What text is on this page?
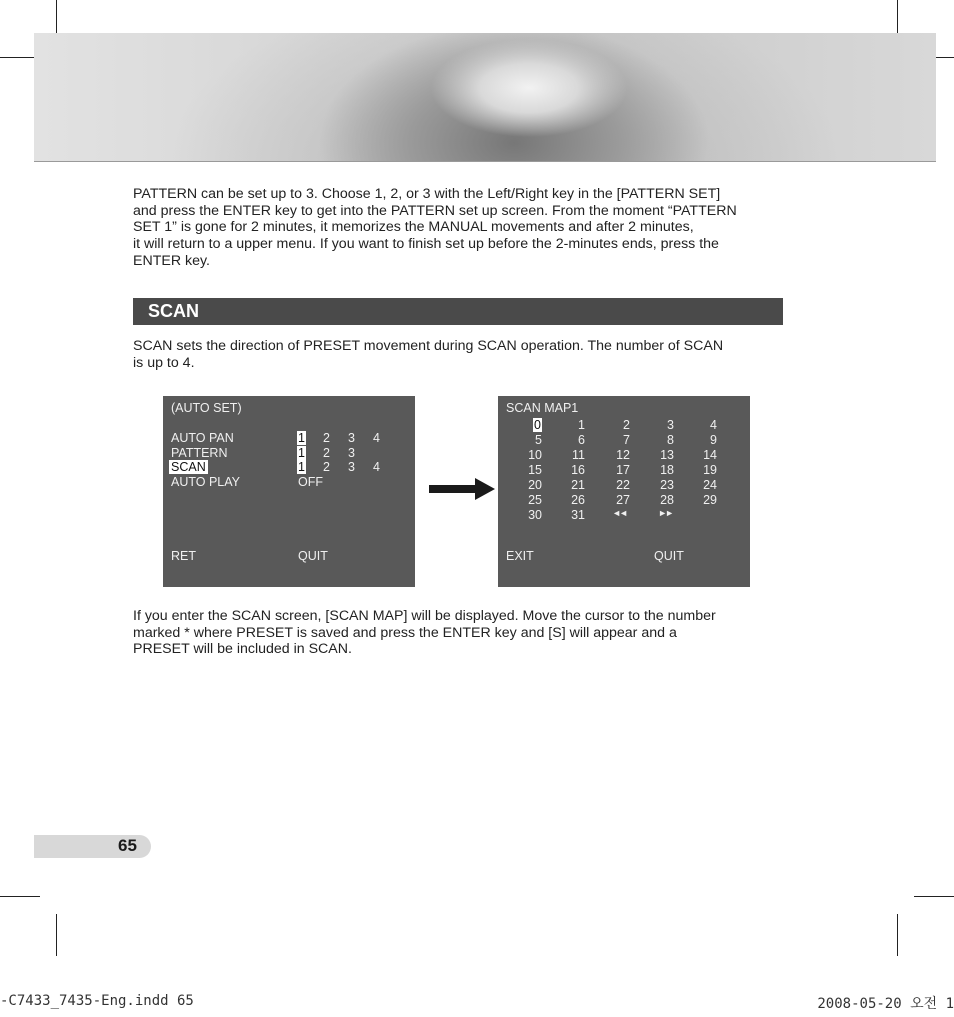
PATTERN can be set up to 3. Choose 1, 2, or 3 with the Left/Right key in the [PATTERN SET]

and press the ENTER key to get into the PATTERN set up screen. From the moment “PATTERN

SET 1” is gone for 2 minutes, it memorizes the MANUAL movements and after 2 minutes,

it will return to a upper menu. If you want to finish set up before the 2-minutes ends, press the

ENTER key.

SCAN

SCAN sets the direction of PRESET movement during SCAN operation. The number of SCAN

is up to 4.

(AUTO SET)
AUTO PAN	1 2 3 4
PATTERN	1 2 3
SCAN	1 2 3 4
AUTO PLAY	OFF
RET	QUIT
SCAN MAP1
0	1	2	3	4
5	6	7	8	9
10	11	12	13	14
15	16	17	18	19
20	21	22	23	24
25	26	27	28	29
30	31	◄◄	►►
EXIT	QUIT

If you enter the SCAN screen, [SCAN MAP] will be displayed. Move the cursor to the number

marked * where PRESET is saved and press the ENTER key and [S] will appear and a

PRESET will be included in SCAN.

65
-C7433_7435-Eng.indd 65	2008-05-20 오전 1
